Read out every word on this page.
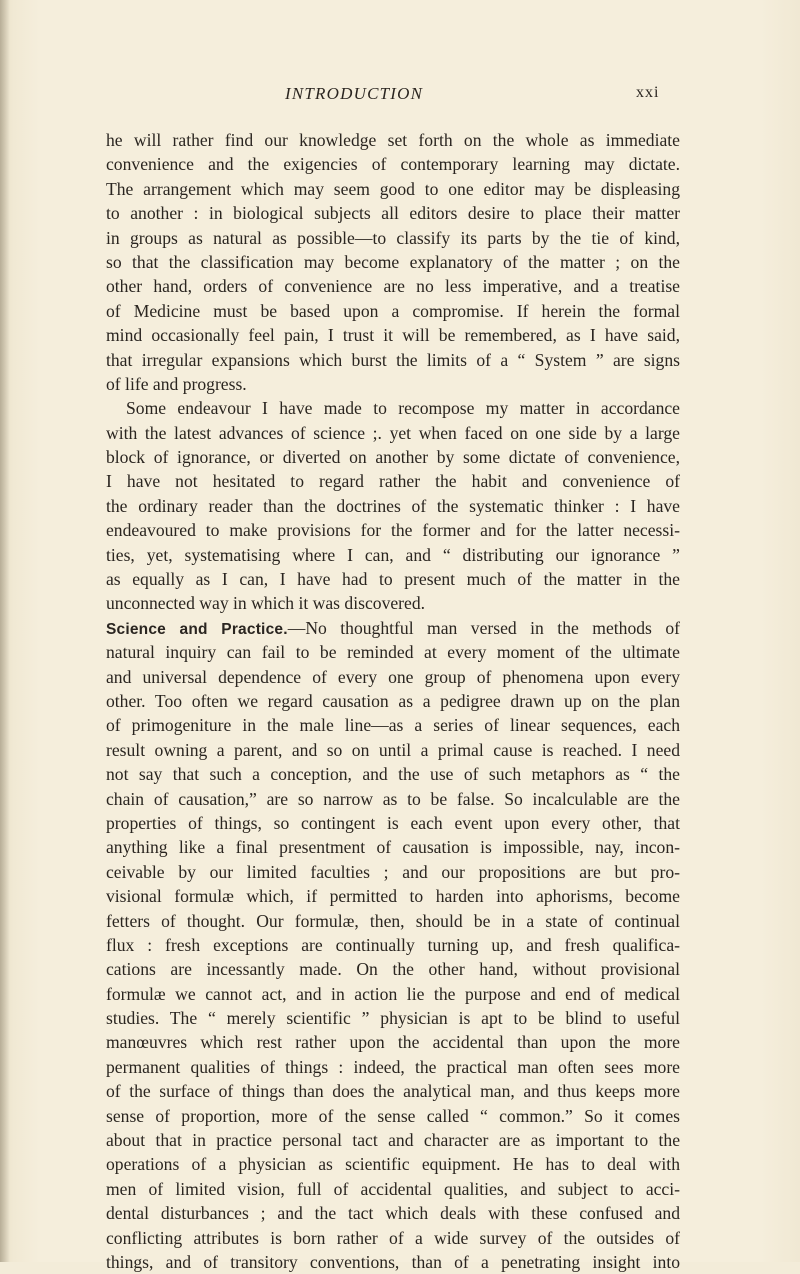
INTRODUCTION	xxi
he will rather find our knowledge set forth on the whole as immediate
convenience and the exigencies of contemporary learning may dictate.
The arrangement which may seem good to one editor may be displeasing
to another : in biological subjects all editors desire to place their matter
in groups as natural as possible—to classify its parts by the tie of kind,
so that the classification may become explanatory of the matter ; on the
other hand, orders of convenience are no less imperative, and a treatise
of Medicine must be based upon a compromise. If herein the formal
mind occasionally feel pain, I trust it will be remembered, as I have said,
that irregular expansions which burst the limits of a “ System ” are signs
of life and progress.
Some endeavour I have made to recompose my matter in accordance
with the latest advances of science ;. yet when faced on one side by a large
block of ignorance, or diverted on another by some dictate of convenience,
I have not hesitated to regard rather the habit and convenience of
the ordinary reader than the doctrines of the systematic thinker : I have
endeavoured to make provisions for the former and for the latter necessi-
ties, yet, systematising where I can, and “ distributing our ignorance ”
as equally as I can, I have had to present much of the matter in the
unconnected way in which it was discovered.
Science and Practice.—No thoughtful man versed in the methods of
natural inquiry can fail to be reminded at every moment of the ultimate
and universal dependence of every one group of phenomena upon every
other. Too often we regard causation as a pedigree drawn up on the plan
of primogeniture in the male line—as a series of linear sequences, each
result owning a parent, and so on until a primal cause is reached. I need
not say that such a conception, and the use of such metaphors as “ the
chain of causation,” are so narrow as to be false. So incalculable are the
properties of things, so contingent is each event upon every other, that
anything like a final presentment of causation is impossible, nay, incon-
ceivable by our limited faculties ; and our propositions are but pro-
visional formulæ which, if permitted to harden into aphorisms, become
fetters of thought. Our formulæ, then, should be in a state of continual
flux : fresh exceptions are continually turning up, and fresh qualifica-
cations are incessantly made. On the other hand, without provisional
formulæ we cannot act, and in action lie the purpose and end of medical
studies. The “ merely scientific ” physician is apt to be blind to useful
manœuvres which rest rather upon the accidental than upon the more
permanent qualities of things : indeed, the practical man often sees more
of the surface of things than does the analytical man, and thus keeps more
sense of proportion, more of the sense called “ common.” So it comes
about that in practice personal tact and character are as important to the
operations of a physician as scientific equipment. He has to deal with
men of limited vision, full of accidental qualities, and subject to acci-
dental disturbances ; and the tact which deals with these confused and
conflicting attributes is born rather of a wide survey of the outsides of
things, and of transitory conventions, than of a penetrating insight into
